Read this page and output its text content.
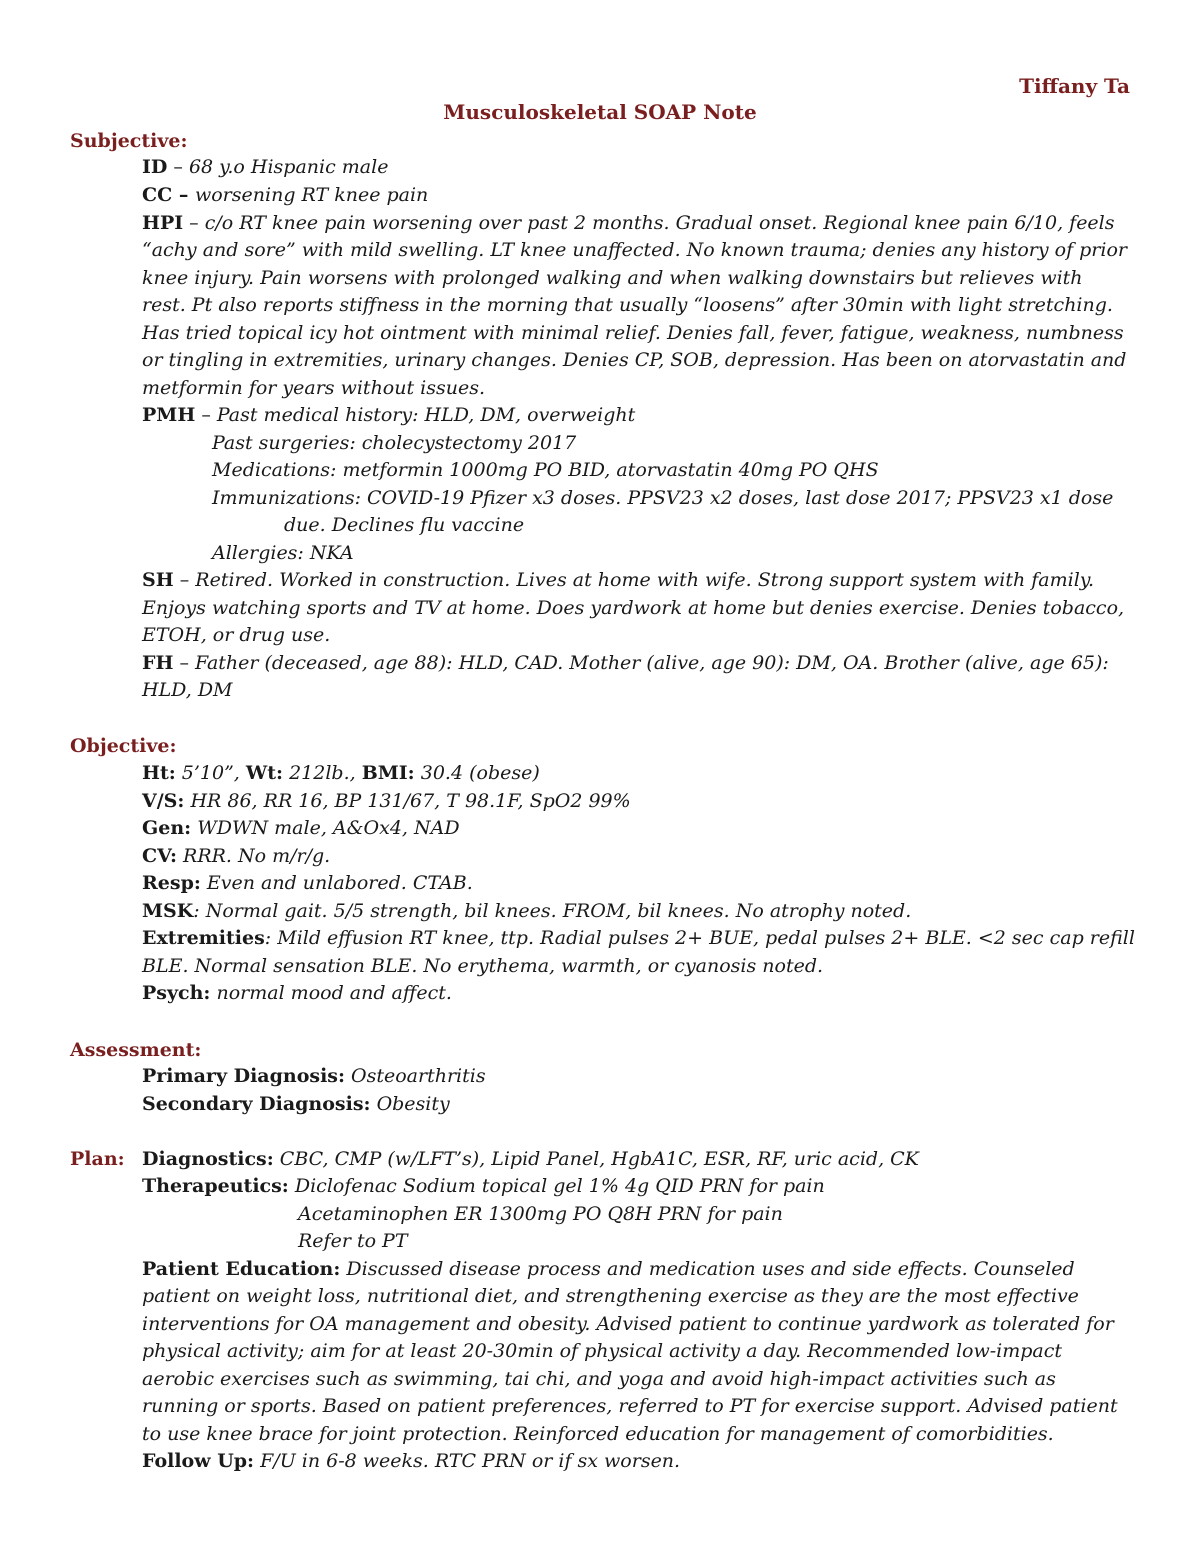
Tiffany Ta
Musculoskeletal SOAP Note
Subjective:
ID – 68 y.o Hispanic male
CC – worsening RT knee pain
HPI – c/o RT knee pain worsening over past 2 months. Gradual onset. Regional knee pain 6/10, feels
“achy and sore” with mild swelling. LT knee unaffected. No known trauma; denies any history of prior
knee injury. Pain worsens with prolonged walking and when walking downstairs but relieves with
rest. Pt also reports stiffness in the morning that usually “loosens” after 30min with light stretching.
Has tried topical icy hot ointment with minimal relief. Denies fall, fever, fatigue, weakness, numbness
or tingling in extremities, urinary changes. Denies CP, SOB, depression. Has been on atorvastatin and
metformin for years without issues.
PMH – Past medical history: HLD, DM, overweight
Past surgeries: cholecystectomy 2017
Medications: metformin 1000mg PO BID, atorvastatin 40mg PO QHS
Immunizations: COVID-19 Pfizer x3 doses. PPSV23 x2 doses, last dose 2017; PPSV23 x1 dose
due. Declines flu vaccine
Allergies: NKA
SH – Retired. Worked in construction. Lives at home with wife. Strong support system with family.
Enjoys watching sports and TV at home. Does yardwork at home but denies exercise. Denies tobacco,
ETOH, or drug use.
FH – Father (deceased, age 88): HLD, CAD. Mother (alive, age 90): DM, OA. Brother (alive, age 65):
HLD, DM
Objective:
Ht: 5’10”, Wt: 212lb., BMI: 30.4 (obese)
V/S: HR 86, RR 16, BP 131/67, T 98.1F, SpO2 99%
Gen: WDWN male, A&Ox4, NAD
CV: RRR. No m/r/g.
Resp: Even and unlabored. CTAB.
MSK: Normal gait. 5/5 strength, bil knees. FROM, bil knees. No atrophy noted.
Extremities: Mild effusion RT knee, ttp. Radial pulses 2+ BUE, pedal pulses 2+ BLE. <2 sec cap refill
BLE. Normal sensation BLE. No erythema, warmth, or cyanosis noted.
Psych: normal mood and affect.
Assessment:
Primary Diagnosis: Osteoarthritis
Secondary Diagnosis: Obesity
Plan: Diagnostics: CBC, CMP (w/LFT’s), Lipid Panel, HgbA1C, ESR, RF, uric acid, CK
Therapeutics: Diclofenac Sodium topical gel 1% 4g QID PRN for pain
Acetaminophen ER 1300mg PO Q8H PRN for pain
Refer to PT
Patient Education: Discussed disease process and medication uses and side effects. Counseled
patient on weight loss, nutritional diet, and strengthening exercise as they are the most effective
interventions for OA management and obesity. Advised patient to continue yardwork as tolerated for
physical activity; aim for at least 20-30min of physical activity a day. Recommended low-impact
aerobic exercises such as swimming, tai chi, and yoga and avoid high-impact activities such as
running or sports. Based on patient preferences, referred to PT for exercise support. Advised patient
to use knee brace for joint protection. Reinforced education for management of comorbidities.
Follow Up: F/U in 6-8 weeks. RTC PRN or if sx worsen.
